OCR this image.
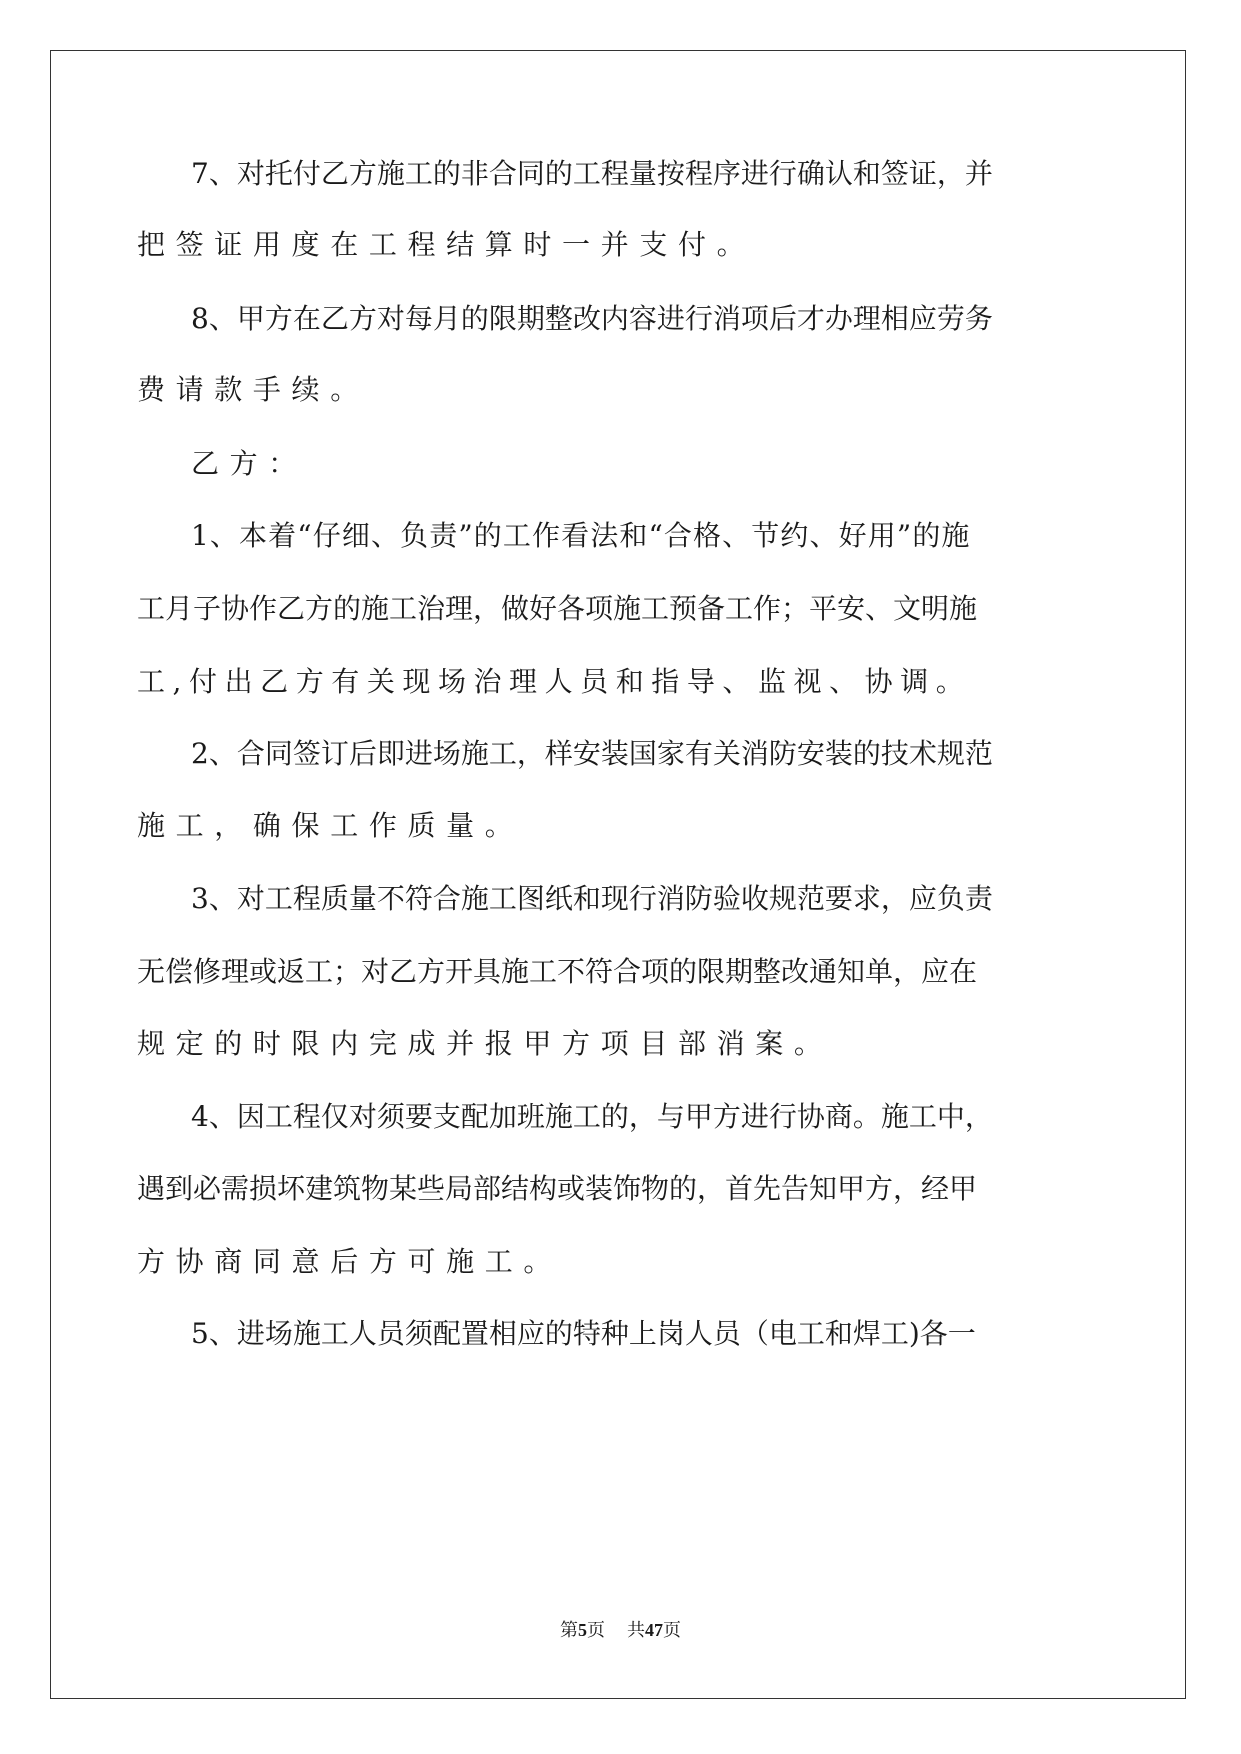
7、对托付乙方施工的非合同的工程量按程序进行确认和签证，并
把签证用度在工程结算时一并支付。
8、甲方在乙方对每月的限期整改内容进行消项后才办理相应劳务
费请款手续。
乙方：
1、本着“仔细、负责”的工作看法和“合格、节约、好用”的施
工月子协作乙方的施工治理，做好各项施工预备工作；平安、文明施
工,付出乙方有关现场治理人员和指导、监视、协调。
2、合同签订后即进场施工，样安装国家有关消防安装的技术规范
施工，确保工作质量。
3、对工程质量不符合施工图纸和现行消防验收规范要求，应负责
无偿修理或返工；对乙方开具施工不符合项的限期整改通知单，应在
规定的时限内完成并报甲方项目部消案。
4、因工程仅对须要支配加班施工的，与甲方进行协商。施工中，
遇到必需损坏建筑物某些局部结构或装饰物的，首先告知甲方，经甲
方协商同意后方可施工。
5、进场施工人员须配置相应的特种上岗人员（电工和焊工)各一
第5页 共47页
